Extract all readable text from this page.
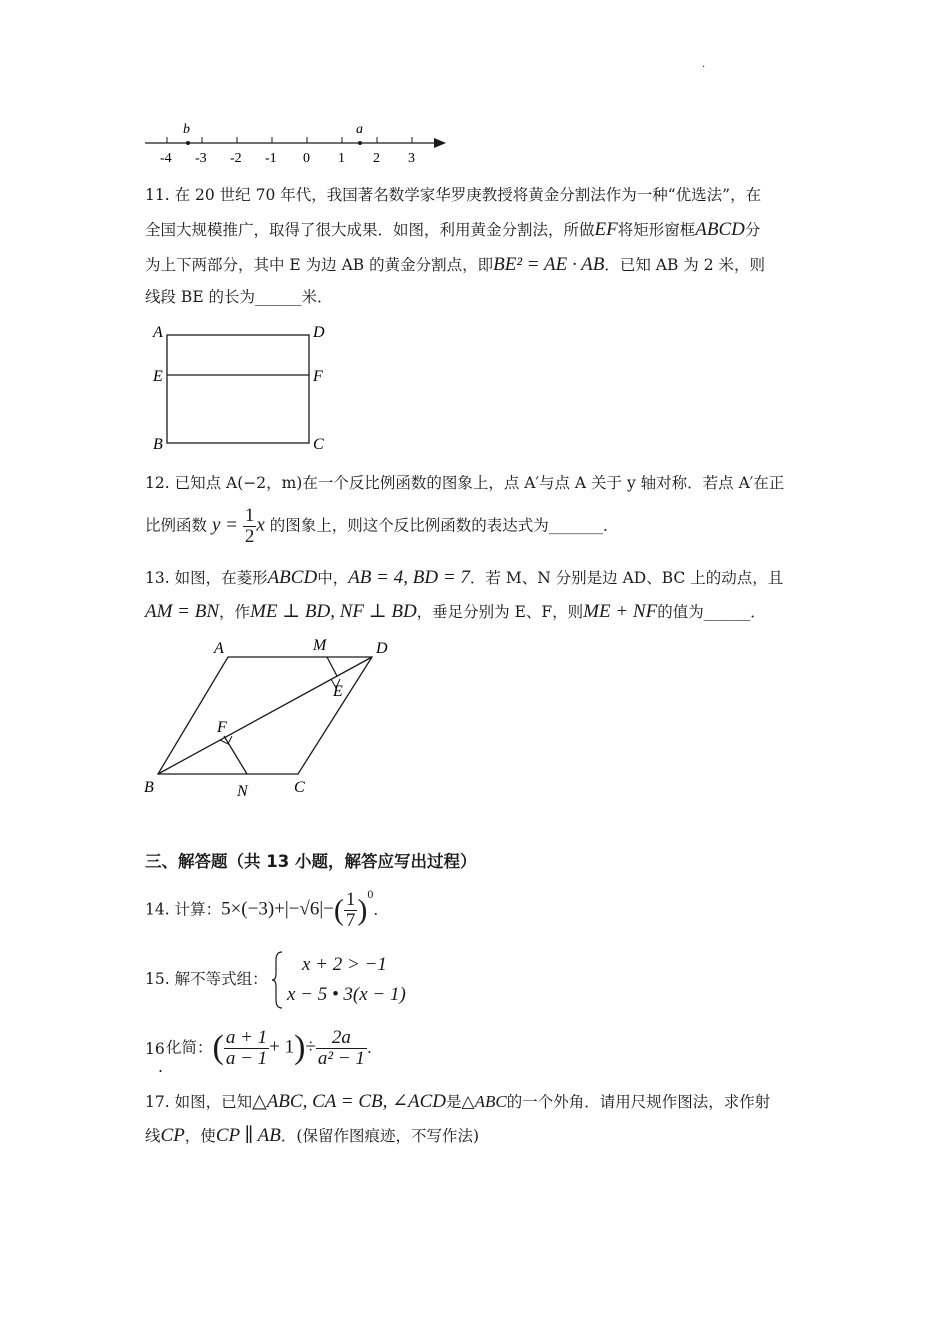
·
-4 -3 -2 -1 0 1 2 3
b	a
11. 在 20 世纪 70 年代，我国著名数学家华罗庚教授将黄金分割法作为一种“优选法”，在
全国大规模推广，取得了很大成果．如图，利用黄金分割法，所做EF将矩形窗框ABCD分
为上下两部分，其中 E 为边 AB 的黄金分割点，即BE² = AE · AB．已知 AB 为 2 米，则
线段 BE 的长为______米．
A	D
E	F
B	C
12. 已知点 A(−2，m)在一个反比例函数的图象上，点 A′与点 A 关于 y 轴对称．若点 A′在正
比例函数 $y = \frac{1}{2}$ x 的图象上，则这个反比例函数的表达式为_______．
13. 如图，在菱形ABCD中，AB = 4, BD = 7．若 M、N 分别是边 AD、BC 上的动点，且
AM = BN，作ME ⊥ BD, NF ⊥ BD，垂足分别为 E、F，则ME + NF的值为______．
A	M	D
E
F
B	N	C
三、解答题（共 13 小题，解答应写出过程）
14. 计算：$5\times(-3)+|-√6|-( \frac{1}{7} )^0$．
15. 解不等式组：
x + 2 > −1
x − 5 • 3(x − 1)
16
.
化简：( $\frac{a + 1}{a - 1} + 1)\div \frac{2a}{\text{a² − 1}}$ ．
17. 如图，已知△ABC, CA = CB, ∠ACD是△ABC的一个外角．请用尺规作图法，求作射
线CP，使CP ∥ AB．(保留作图痕迹，不写作法)
